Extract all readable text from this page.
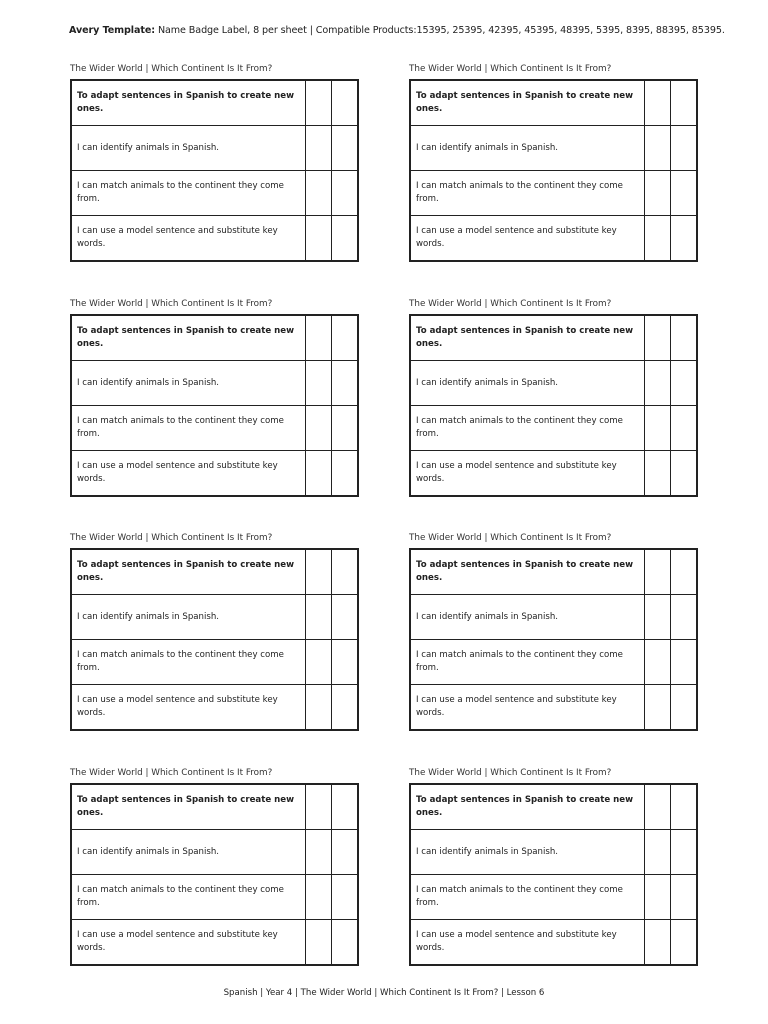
Avery Template: Name Badge Label, 8 per sheet | Compatible Products:15395, 25395, 42395, 45395, 48395, 5395, 8395, 88395, 85395.
The Wider World | Which Continent Is It From?
To adapt sentences in Spanish to create new ones.		
I can identify animals in Spanish.		
I can match animals to the continent they come from.		
I can use a model sentence and substitute key words.		
The Wider World | Which Continent Is It From?
To adapt sentences in Spanish to create new ones.		
I can identify animals in Spanish.		
I can match animals to the continent they come from.		
I can use a model sentence and substitute key words.		
The Wider World | Which Continent Is It From?
To adapt sentences in Spanish to create new ones.		
I can identify animals in Spanish.		
I can match animals to the continent they come from.		
I can use a model sentence and substitute key words.		
The Wider World | Which Continent Is It From?
To adapt sentences in Spanish to create new ones.		
I can identify animals in Spanish.		
I can match animals to the continent they come from.		
I can use a model sentence and substitute key words.		
The Wider World | Which Continent Is It From?
To adapt sentences in Spanish to create new ones.		
I can identify animals in Spanish.		
I can match animals to the continent they come from.		
I can use a model sentence and substitute key words.		
The Wider World | Which Continent Is It From?
To adapt sentences in Spanish to create new ones.		
I can identify animals in Spanish.		
I can match animals to the continent they come from.		
I can use a model sentence and substitute key words.		
The Wider World | Which Continent Is It From?
To adapt sentences in Spanish to create new ones.		
I can identify animals in Spanish.		
I can match animals to the continent they come from.		
I can use a model sentence and substitute key words.		
The Wider World | Which Continent Is It From?
To adapt sentences in Spanish to create new ones.		
I can identify animals in Spanish.		
I can match animals to the continent they come from.		
I can use a model sentence and substitute key words.		
Spanish | Year 4 | The Wider World | Which Continent Is It From? | Lesson 6
